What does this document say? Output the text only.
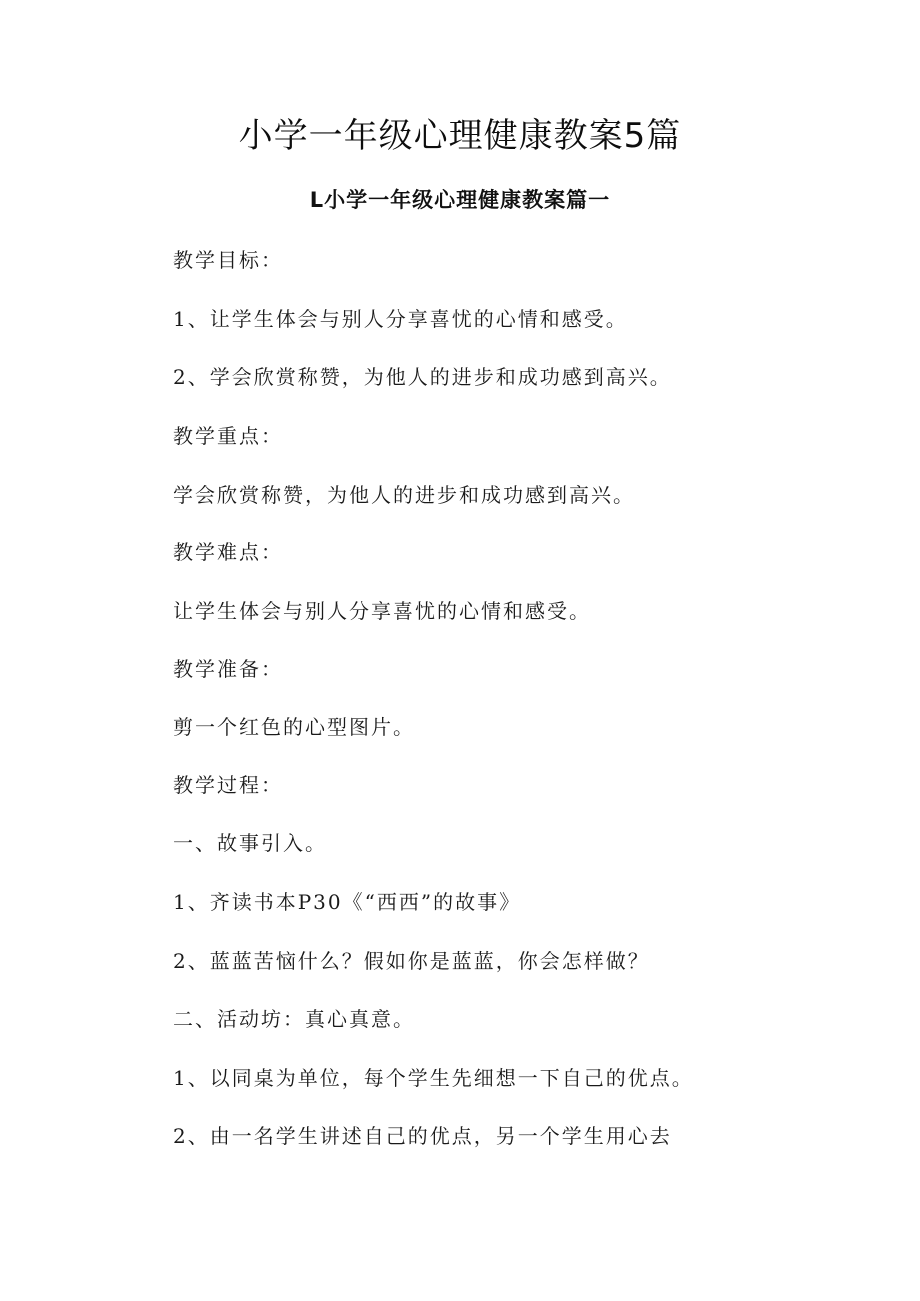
小学一年级心理健康教案5篇
L小学一年级心理健康教案篇一

教学目标：

1、让学生体会与别人分享喜忧的心情和感受。

2、学会欣赏称赞，为他人的进步和成功感到高兴。

教学重点：

学会欣赏称赞，为他人的进步和成功感到高兴。

教学难点：

让学生体会与别人分享喜忧的心情和感受。

教学准备：

剪一个红色的心型图片。

教学过程：

一、故事引入。

1、齐读书本P30《“西西”的故事》

2、蓝蓝苦恼什么？假如你是蓝蓝，你会怎样做？

二、活动坊：真心真意。

1、以同桌为单位，每个学生先细想一下自己的优点。

2、由一名学生讲述自己的优点，另一个学生用心去
